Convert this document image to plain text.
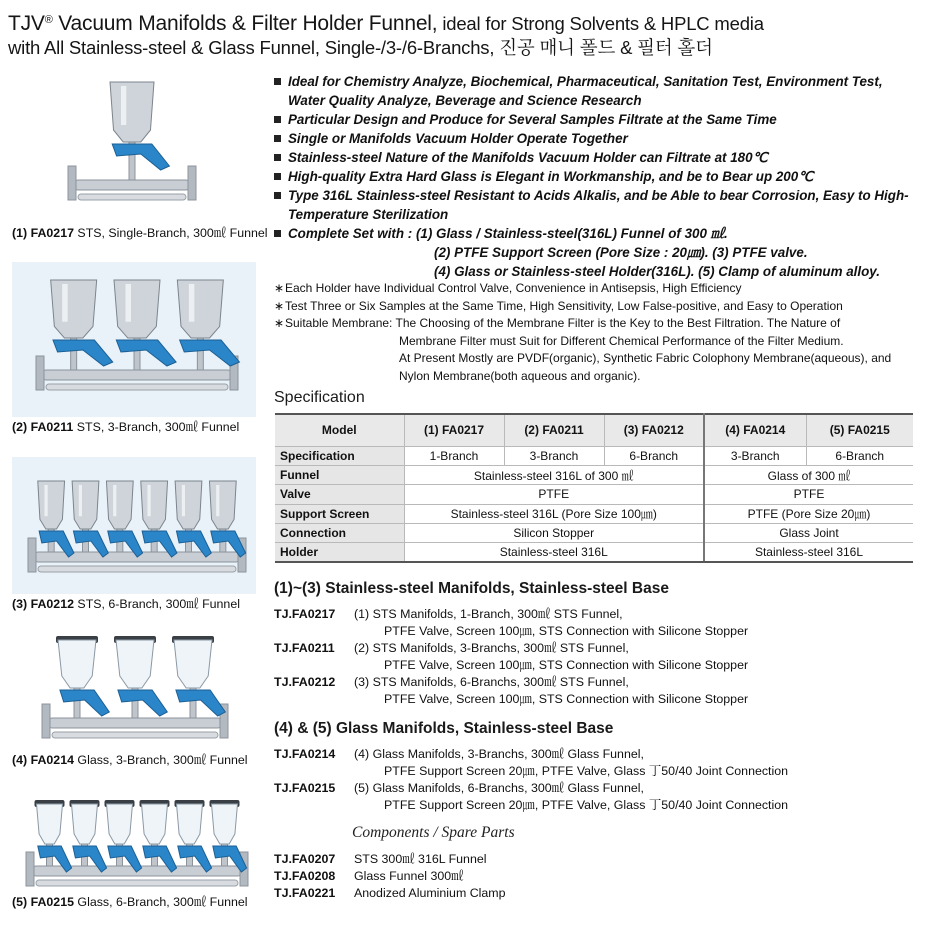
TJV® Vacuum Manifolds & Filter Holder Funnel, ideal for Strong Solvents & HPLC media
with All Stainless-steel & Glass Funnel, Single-/3-/6-Branchs, 진공 매니 폴드 & 필터 홀더
(1) FA0217 STS, Single-Branch, 300㎖ Funnel
(2) FA0211 STS, 3-Branch, 300㎖ Funnel
(3) FA0212 STS, 6-Branch, 300㎖ Funnel
(4) FA0214 Glass, 3-Branch, 300㎖ Funnel
(5) FA0215 Glass, 6-Branch, 300㎖ Funnel
Ideal for Chemistry Analyze, Biochemical, Pharmaceutical, Sanitation Test, Environment Test, Water Quality Analyze, Beverage and Science Research
Particular Design and Produce for Several Samples Filtrate at the Same Time
Single or Manifolds Vacuum Holder Operate Together
Stainless-steel Nature of the Manifolds Vacuum Holder can Filtrate at 180℃
High-quality Extra Hard Glass is Elegant in Workmanship, and be to Bear up 200℃
Type 316L Stainless-steel Resistant to Acids Alkalis, and be Able to bear Corrosion, Easy to High-Temperature Sterilization
Complete Set with : (1) Glass / Stainless-steel(316L) Funnel of 300 ㎖.
(2) PTFE Support Screen (Pore Size : 20㎛). (3) PTFE valve.
(4) Glass or Stainless-steel Holder(316L). (5) Clamp of aluminum alloy.
∗ Each Holder have Individual Control Valve, Convenience in Antisepsis, High Efficiency
∗ Test Three or Six Samples at the Same Time, High Sensitivity, Low False-positive, and Easy to Operation
∗ Suitable Membrane: The Choosing of the Membrane Filter is the Key to the Best Filtration. The Nature of
Membrane Filter must Suit for Different Chemical Performance of the Filter Medium.
At Present Mostly are PVDF(organic), Synthetic Fabric Colophony Membrane(aqueous), and
Nylon Membrane(both aqueous and organic).
Specification
Model	(1) FA0217	(2) FA0211	(3) FA0212	(4) FA0214	(5) FA0215
Specification	1-Branch	3-Branch	6-Branch	3-Branch	6-Branch
Funnel	Stainless-steel 316L of 300 ㎖			Glass of 300 ㎖	
Valve	PTFE			PTFE	
Support Screen	Stainless-steel 316L (Pore Size 100㎛)			PTFE (Pore Size 20㎛)	
Connection	Silicon Stopper			Glass Joint	
Holder	Stainless-steel 316L			Stainless-steel 316L	
(1)~(3) Stainless-steel Manifolds, Stainless-steel Base
TJ.FA0217	(1) STS Manifolds, 1-Branch, 300㎖ STS Funnel,
PTFE Valve, Screen 100㎛, STS Connection with Silicone Stopper
TJ.FA0211	(2) STS Manifolds, 3-Branchs, 300㎖ STS Funnel,
PTFE Valve, Screen 100㎛, STS Connection with Silicone Stopper
TJ.FA0212	(3) STS Manifolds, 6-Branchs, 300㎖ STS Funnel,
PTFE Valve, Screen 100㎛, STS Connection with Silicone Stopper
(4) & (5) Glass Manifolds, Stainless-steel Base
TJ.FA0214	(4) Glass Manifolds, 3-Branchs, 300㎖ Glass Funnel,
PTFE Support Screen 20㎛, PTFE Valve, Glass 丁50/40 Joint Connection
TJ.FA0215	(5) Glass Manifolds, 6-Branchs, 300㎖ Glass Funnel,
PTFE Support Screen 20㎛, PTFE Valve, Glass 丁50/40 Joint Connection
Components / Spare Parts
TJ.FA0207	STS 300㎖ 316L Funnel
TJ.FA0208	Glass Funnel 300㎖
TJ.FA0221	Anodized Aluminium Clamp
